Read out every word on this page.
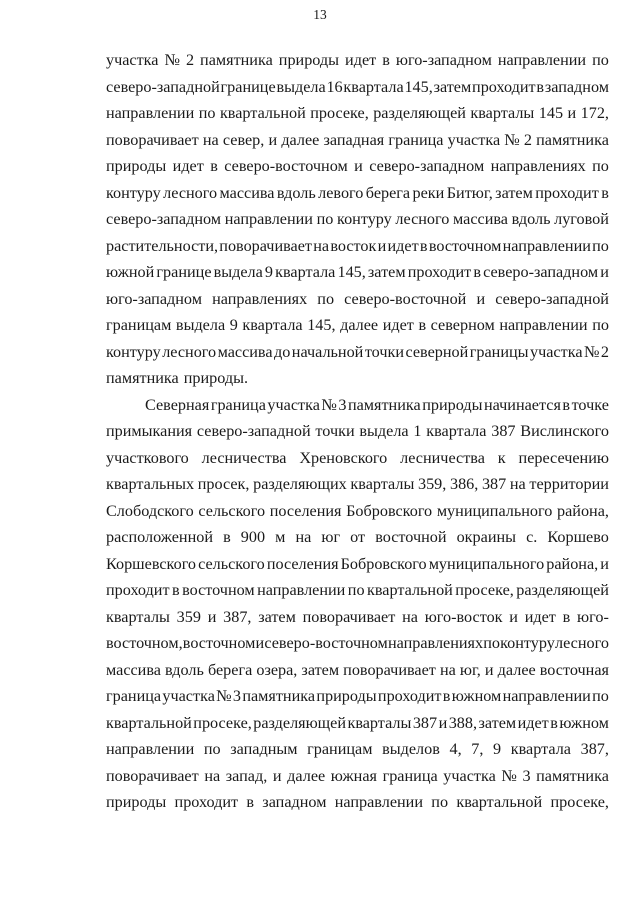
13
участка № 2 памятника природы идет в юго-западном направлении по
северо-западной границе выдела 16 квартала 145, затем проходит в западном
направлении по квартальной просеке, разделяющей кварталы 145 и 172,
поворачивает на север, и далее западная граница участка № 2 памятника
природы идет в северо-восточном и северо-западном направлениях по
контуру лесного массива вдоль левого берега реки Битюг, затем проходит в
северо-западном направлении по контуру лесного массива вдоль луговой
растительности, поворачивает на восток и идет в восточном направлении по
южной границе выдела 9 квартала 145, затем проходит в северо-западном и
юго-западном направлениях по северо-восточной и северо-западной
границам выдела 9 квартала 145, далее идет в северном направлении по
контуру лесного массива до начальной точки северной границы участка № 2
памятника природы.
Северная граница участка № 3 памятника природы начинается в точке
примыкания северо-западной точки выдела 1 квартала 387 Вислинского
участкового лесничества Хреновского лесничества к пересечению
квартальных просек, разделяющих кварталы 359, 386, 387 на территории
Слободского сельского поселения Бобровского муниципального района,
расположенной в 900 м на юг от восточной окраины с. Коршево
Коршевского сельского поселения Бобровского муниципального района, и
проходит в восточном направлении по квартальной просеке, разделяющей
кварталы 359 и 387, затем поворачивает на юго-восток и идет в юго-
восточном, восточном и северо-восточном направлениях по контуру лесного
массива вдоль берега озера, затем поворачивает на юг, и далее восточная
граница участка № 3 памятника природы проходит в южном направлении по
квартальной просеке, разделяющей кварталы 387 и 388, затем идет в южном
направлении по западным границам выделов 4, 7, 9 квартала 387,
поворачивает на запад, и далее южная граница участка № 3 памятника
природы проходит в западном направлении по квартальной просеке,
